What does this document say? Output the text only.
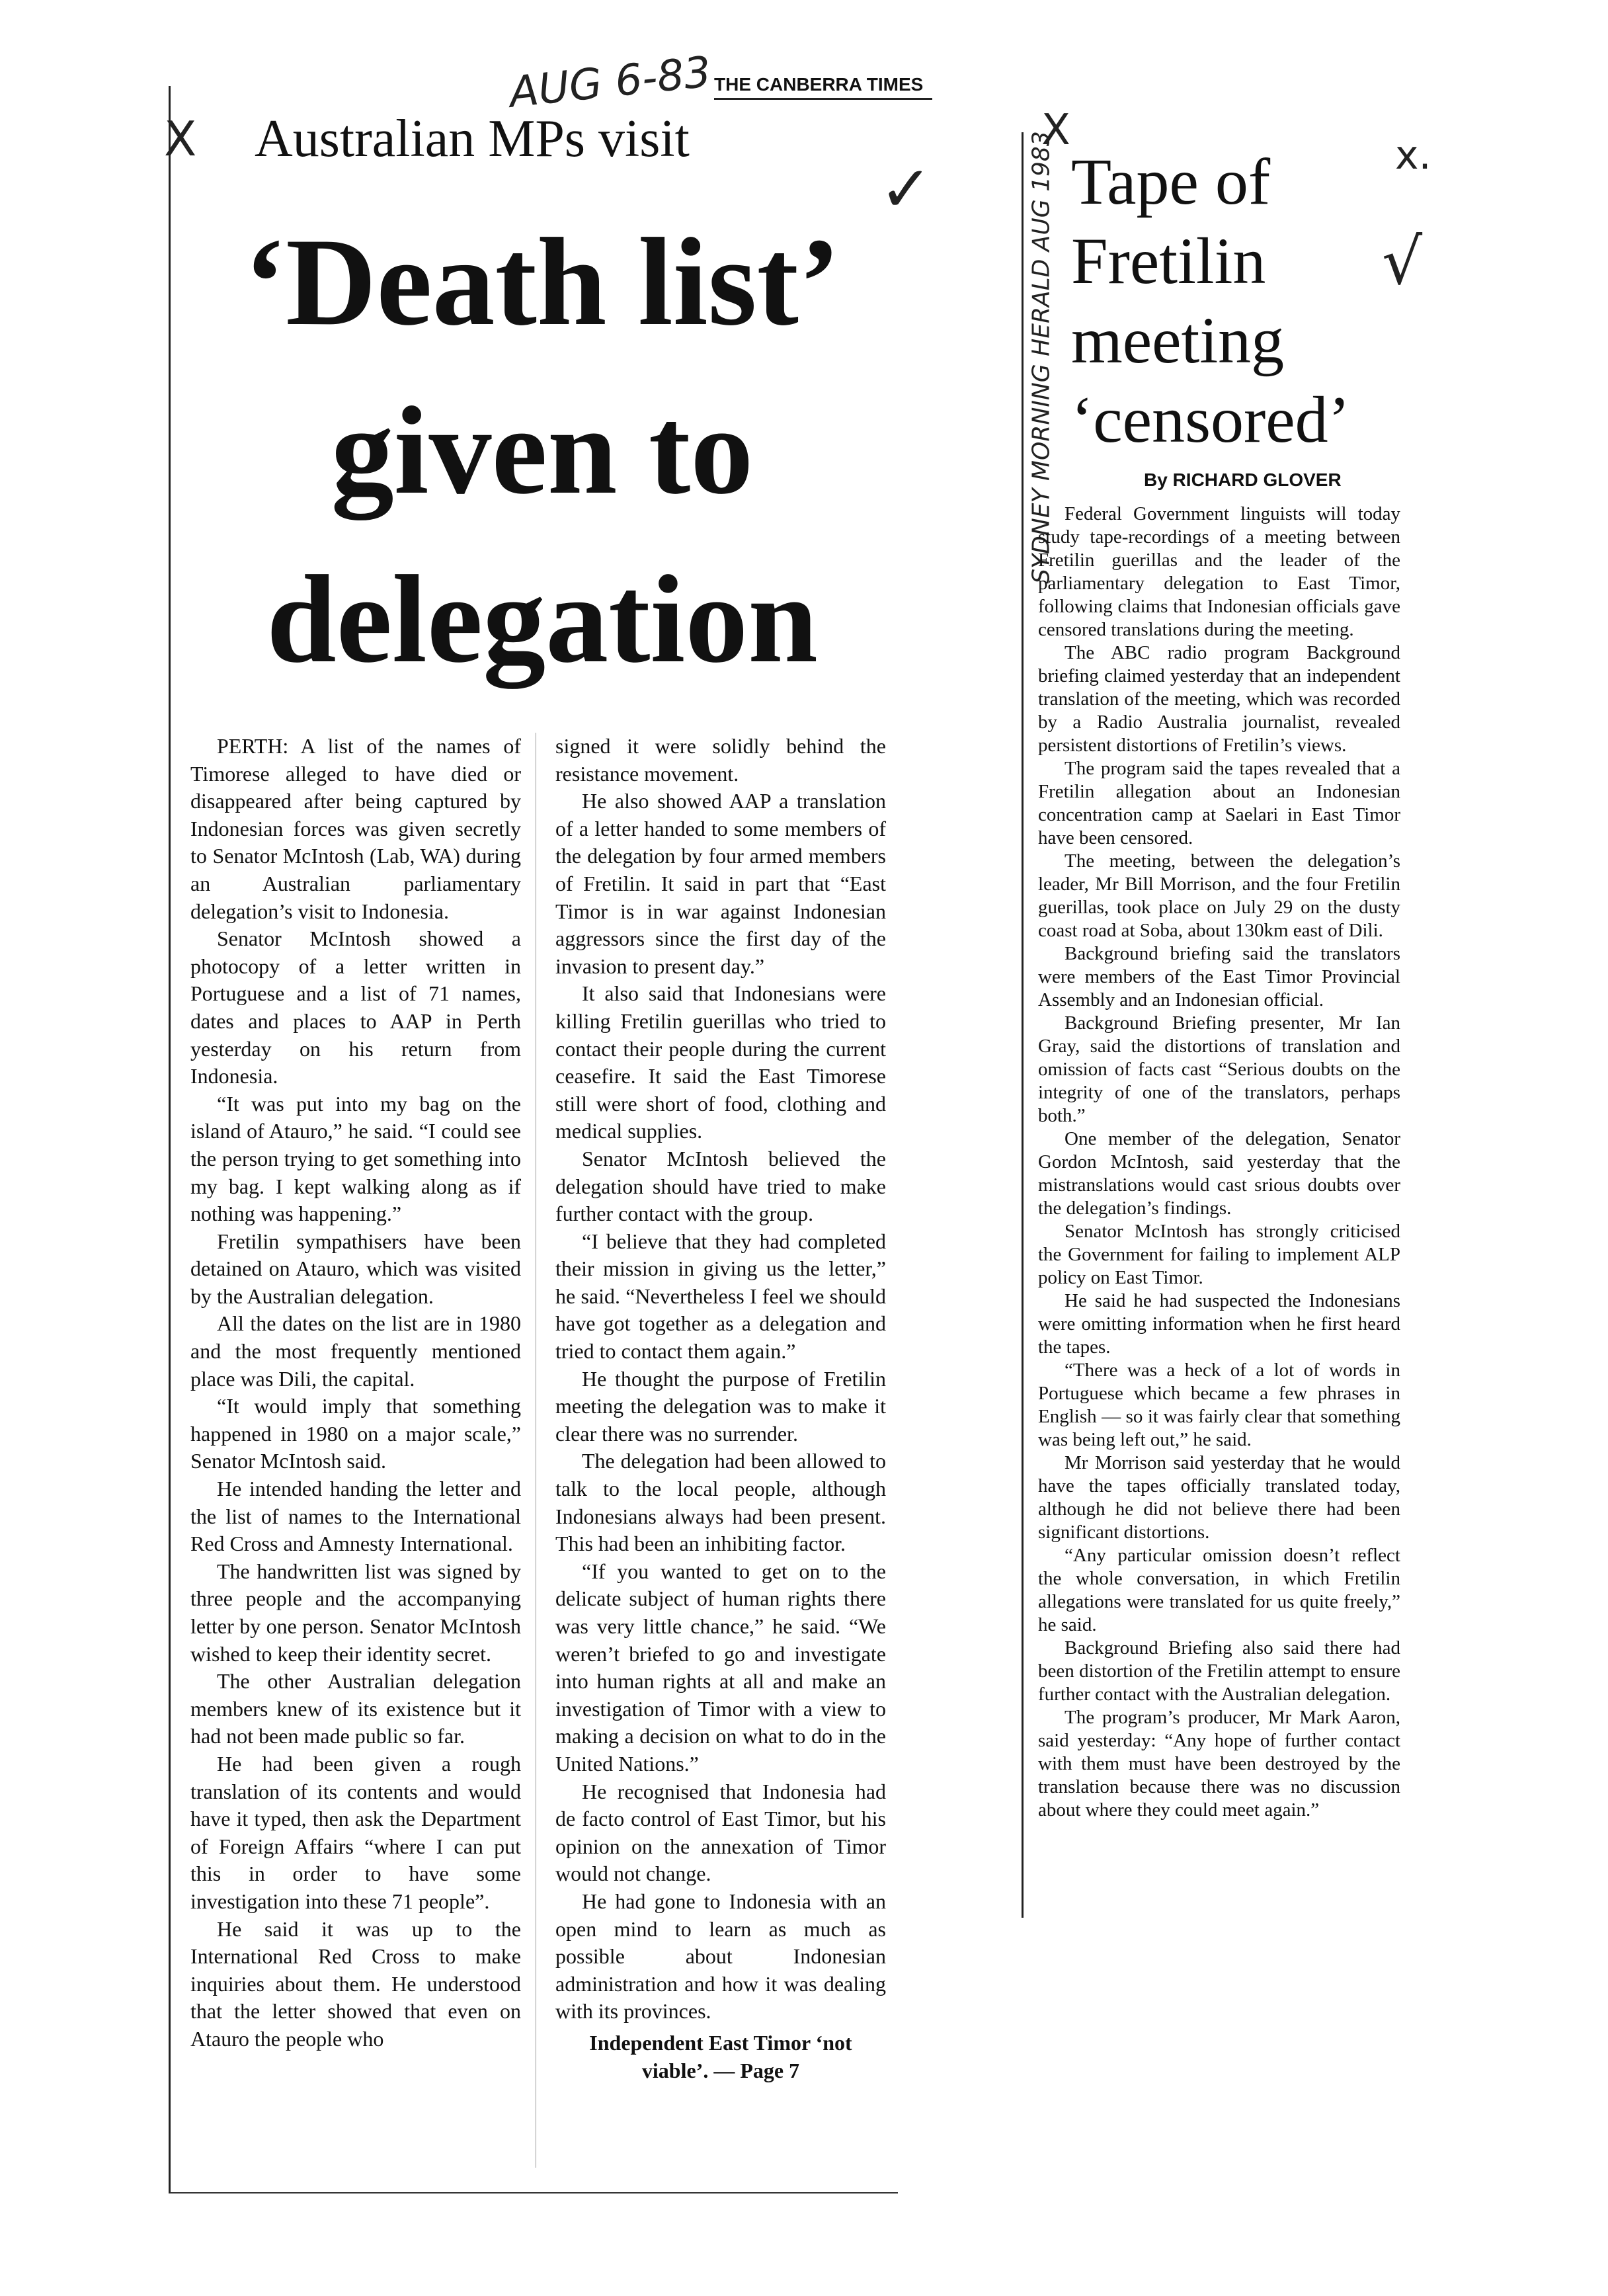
AUG 6-83 THE CANBERRA TIMES
X
✓
Australian MPs visit
‘Death list’
given to
delegation

PERTH: A list of the names of Timorese alleged to have died or disappeared after being captured by Indonesian forces was given secretly to Senator McIntosh (Lab, WA) during an Australian parliamentary delegation’s visit to Indonesia.

Senator McIntosh showed a photocopy of a letter written in Portuguese and a list of 71 names, dates and places to AAP in Perth yesterday on his return from Indonesia.

“It was put into my bag on the island of Atauro,” he said. “I could see the person trying to get something into my bag. I kept walking along as if nothing was happening.”

Fretilin sympathisers have been detained on Atauro, which was visited by the Australian delegation.

All the dates on the list are in 1980 and the most frequently mentioned place was Dili, the capital.

“It would imply that something happened in 1980 on a major scale,” Senator McIntosh said.

He intended handing the letter and the list of names to the International Red Cross and Amnesty International.

The handwritten list was signed by three people and the accompanying letter by one person. Senator McIntosh wished to keep their identity secret.

The other Australian delegation members knew of its existence but it had not been made public so far.

He had been given a rough translation of its contents and would have it typed, then ask the Department of Foreign Affairs “where I can put this in order to have some investigation into these 71 people”.

He said it was up to the International Red Cross to make inquiries about them. He understood that the letter showed that even on Atauro the people who

signed it were solidly behind the resistance movement.

He also showed AAP a translation of a letter handed to some members of the delegation by four armed members of Fretilin. It said in part that “East Timor is in war against Indonesian aggressors since the first day of the invasion to present day.”

It also said that Indonesians were killing Fretilin guerillas who tried to contact their people during the current ceasefire. It said the East Timorese still were short of food, clothing and medical supplies.

Senator McIntosh believed the delegation should have tried to make further contact with the group.

“I believe that they had completed their mission in giving us the letter,” he said. “Nevertheless I feel we should have got together as a delegation and tried to contact them again.”

He thought the purpose of Fretilin meeting the delegation was to make it clear there was no surrender.

The delegation had been allowed to talk to the local people, although Indonesians always had been present. This had been an inhibiting factor.

“If you wanted to get on to the delicate subject of human rights there was very little chance,” he said. “We weren’t briefed to go and investigate into human rights at all and make an investigation of Timor with a view to making a decision on what to do in the United Nations.”

He recognised that Indonesia had de facto control of East Timor, but his opinion on the annexation of Timor would not change.

He had gone to Indonesia with an open mind to learn as much as possible about Indonesian administration and how it was dealing with its provinces.

Independent East Timor ‘not viable’. — Page 7

X
x.
√
SYDNEY MORNING HERALD AUG 1983 Tape of
Fretilin
meeting
‘censored’
By RICHARD GLOVER

Federal Government linguists will today study tape-recordings of a meeting between Fretilin guerillas and the leader of the parliamentary delegation to East Timor, following claims that Indonesian officials gave censored translations during the meeting.

The ABC radio program Background briefing claimed yesterday that an independent translation of the meeting, which was recorded by a Radio Australia journalist, revealed persistent distortions of Fretilin’s views.

The program said the tapes revealed that a Fretilin allegation about an Indonesian concentration camp at Saelari in East Timor have been censored.

The meeting, between the delegation’s leader, Mr Bill Morrison, and the four Fretilin guerillas, took place on July 29 on the dusty coast road at Soba, about 130km east of Dili.

Background briefing said the translators were members of the East Timor Provincial Assembly and an Indonesian official.

Background Briefing presenter, Mr Ian Gray, said the distortions of translation and omission of facts cast “Serious doubts on the integrity of one of the translators, perhaps both.”

One member of the delegation, Senator Gordon McIntosh, said yesterday that the mistranslations would cast srious doubts over the delegation’s findings.

Senator McIntosh has strongly criticised the Government for failing to implement ALP policy on East Timor.

He said he had suspected the Indonesians were omitting information when he first heard the tapes.

“There was a heck of a lot of words in Portuguese which became a few phrases in English — so it was fairly clear that something was being left out,” he said.

Mr Morrison said yesterday that he would have the tapes officially translated today, although he did not believe there had been significant distortions.

“Any particular omission doesn’t reflect the whole conversation, in which Fretilin allegations were translated for us quite freely,” he said.

Background Briefing also said there had been distortion of the Fretilin attempt to ensure further contact with the Australian delegation.

The program’s producer, Mr Mark Aaron, said yesterday: “Any hope of further contact with them must have been destroyed by the translation because there was no discussion about where they could meet again.”
